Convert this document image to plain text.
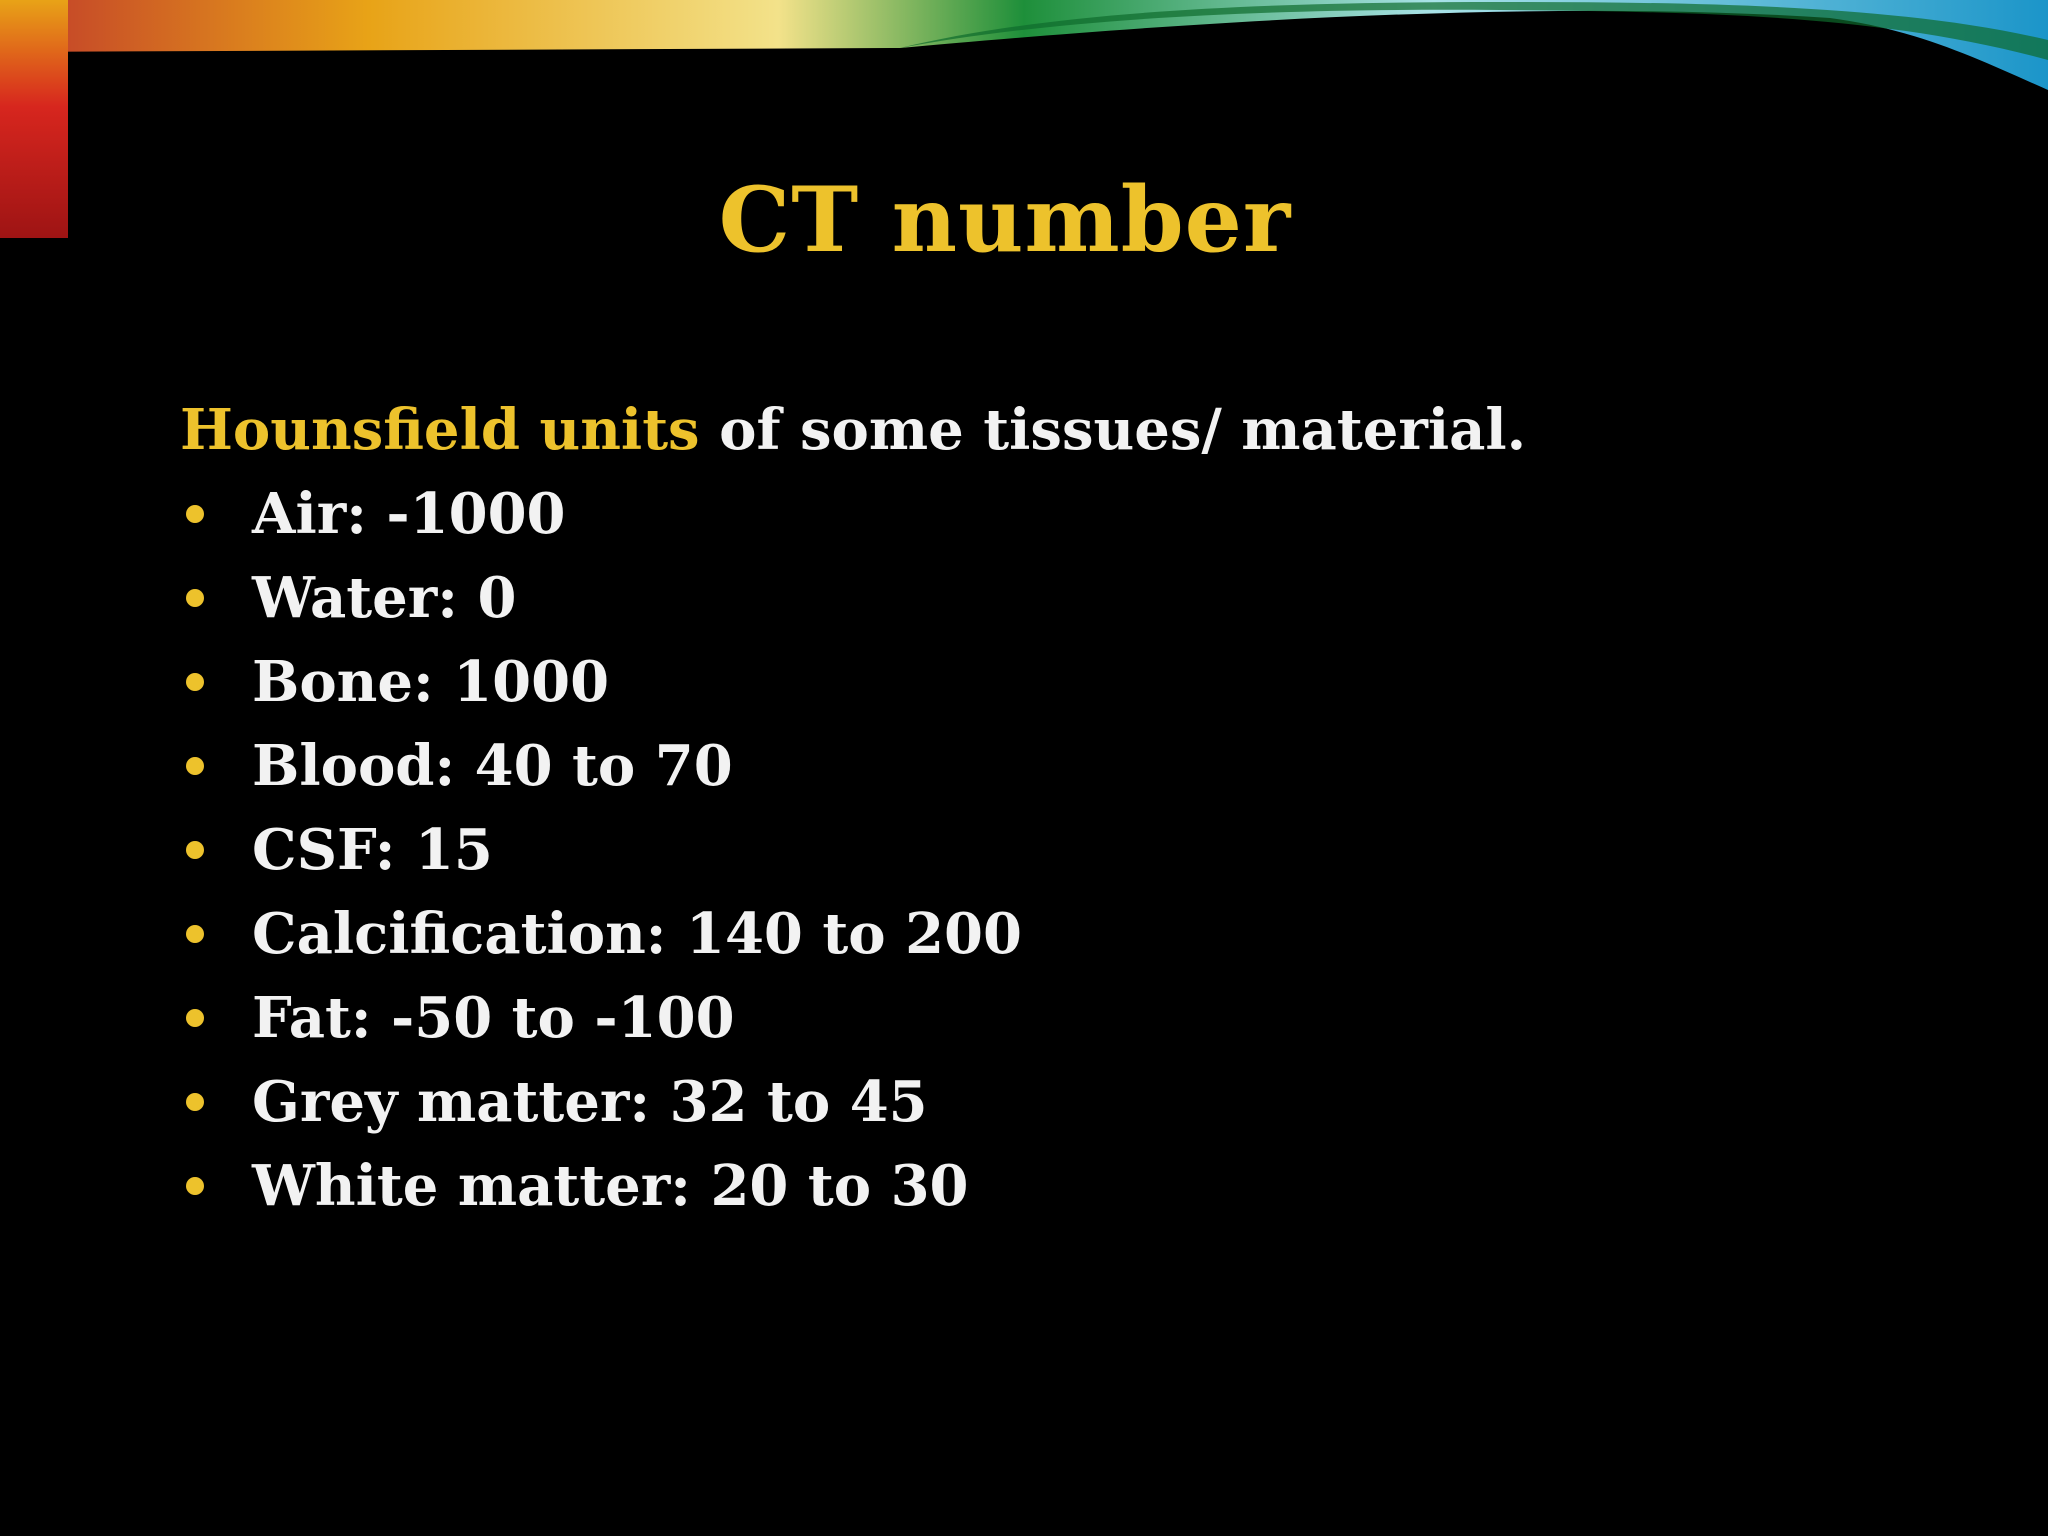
CT number
Hounsfield units of some tissues/ material.
Air: -1000
Water: 0
Bone: 1000
Blood: 40 to 70
CSF: 15
Calcification: 140 to 200
Fat: -50 to -100
Grey matter: 32 to 45
White matter: 20 to 30
